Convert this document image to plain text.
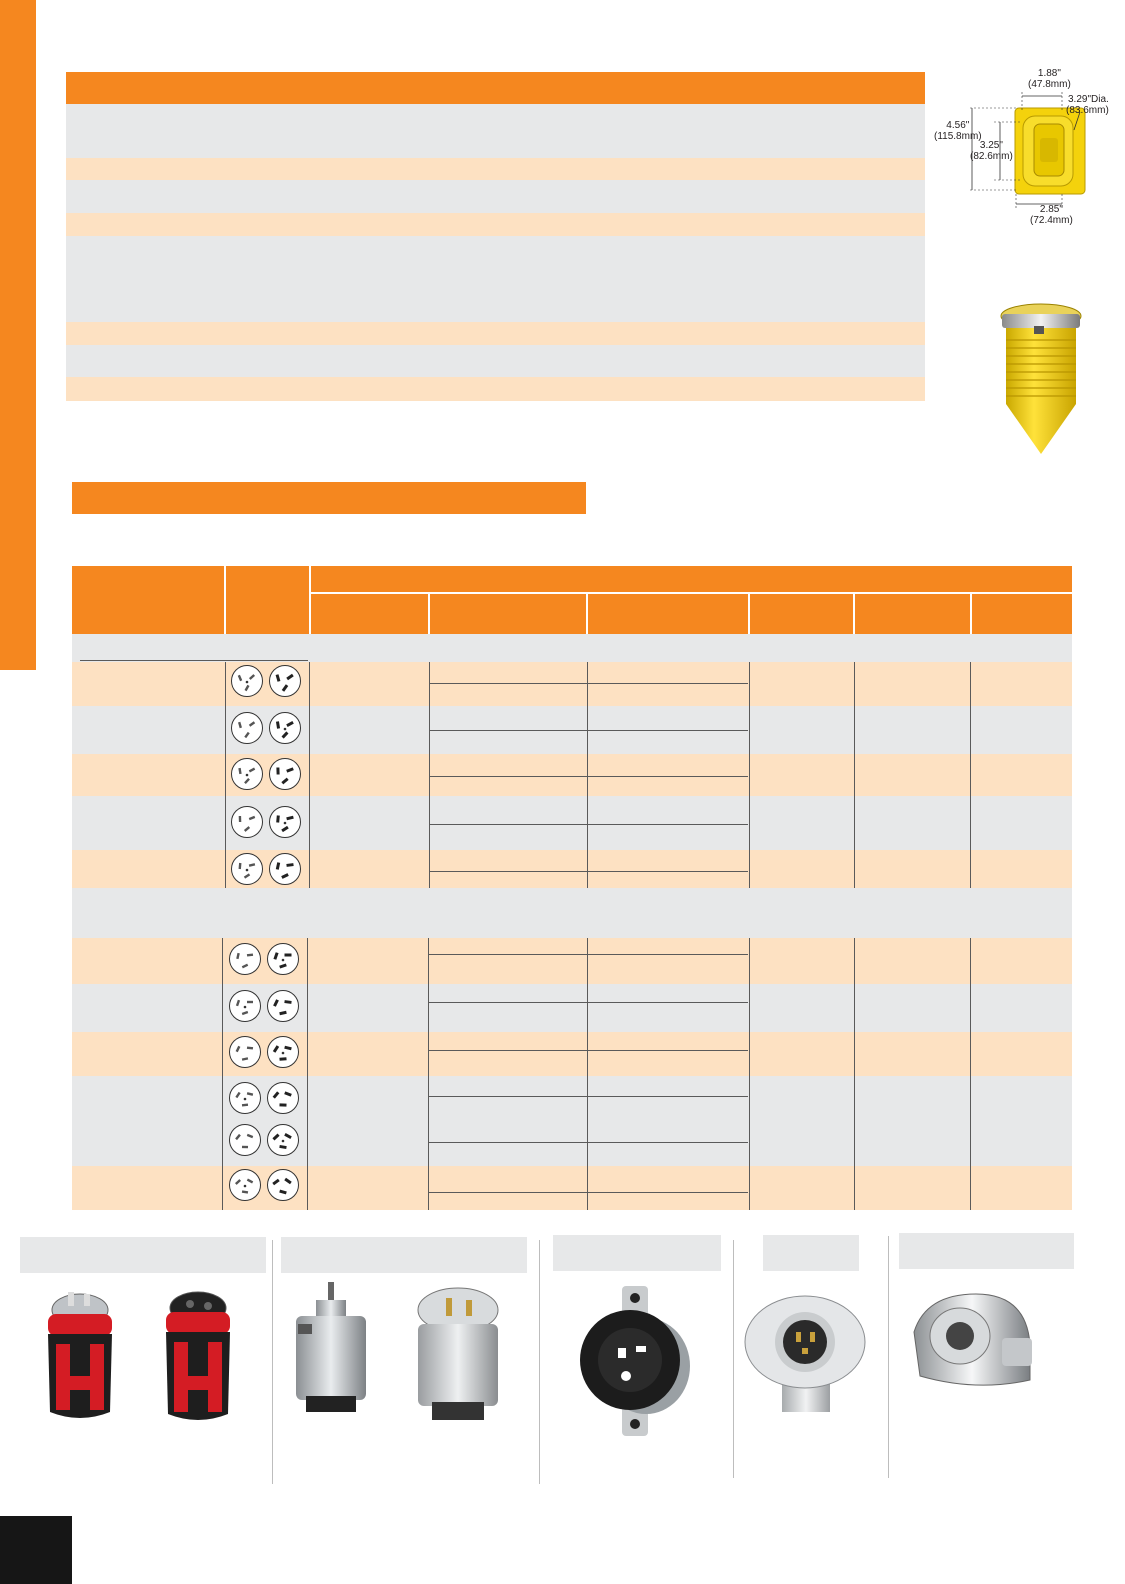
1.88"
(47.8mm)
3.29"Dia.
(83.6mm)
4.56"
(115.8mm)
3.25"
(82.6mm)
2.85"
(72.4mm)
